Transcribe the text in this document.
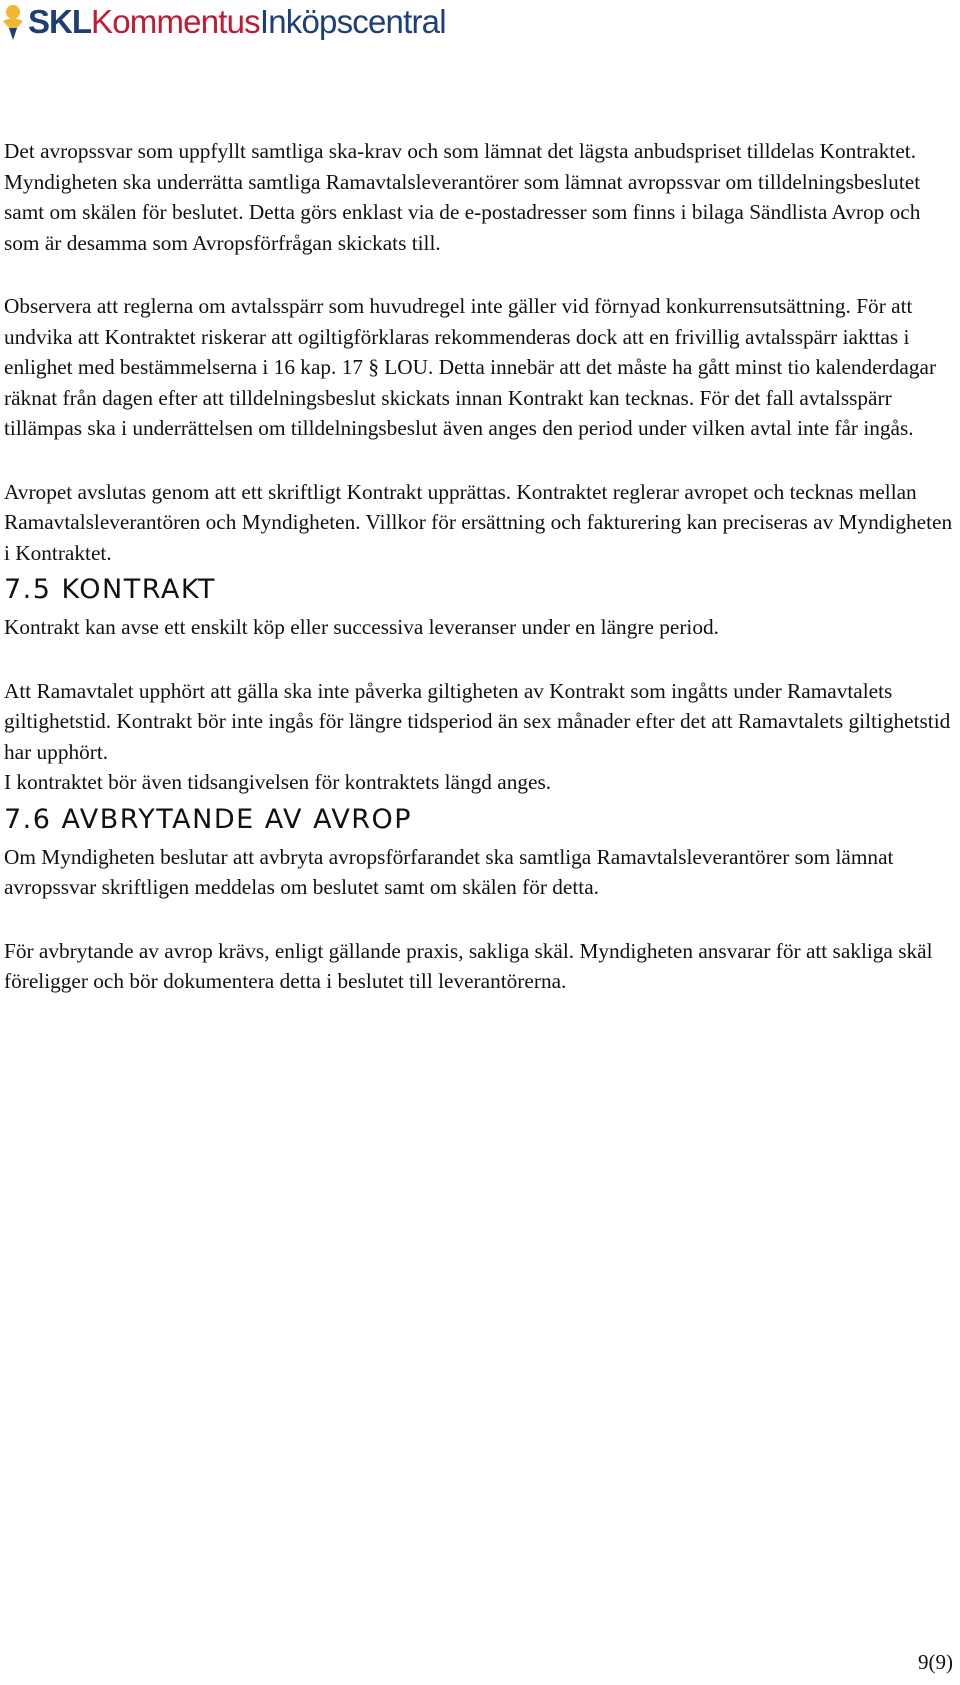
SKLKommentusInköpscentral

Det avropssvar som uppfyllt samtliga ska-krav och som lämnat det lägsta anbudspriset tilldelas Kontraktet. Myndigheten ska underrätta samtliga Ramavtalsleverantörer som lämnat avropssvar om tilldelningsbeslutet samt om skälen för beslutet. Detta görs enklast via de e-postadresser som finns i bilaga Sändlista Avrop och som är desamma som Avropsförfrågan skickats till.

Observera att reglerna om avtalsspärr som huvudregel inte gäller vid förnyad konkurrensutsättning. För att undvika att Kontraktet riskerar att ogiltigförklaras rekommenderas dock att en frivillig avtalsspärr iakttas i enlighet med bestämmelserna i 16 kap. 17 § LOU. Detta innebär att det måste ha gått minst tio kalenderdagar räknat från dagen efter att tilldelningsbeslut skickats innan Kontrakt kan tecknas. För det fall avtalsspärr tillämpas ska i underrättelsen om tilldelningsbeslut även anges den period under vilken avtal inte får ingås.

Avropet avslutas genom att ett skriftligt Kontrakt upprättas. Kontraktet reglerar avropet och tecknas mellan Ramavtalsleverantören och Myndigheten. Villkor för ersättning och fakturering kan preciseras av Myndigheten i Kontraktet.

7.5 KONTRAKT

Kontrakt kan avse ett enskilt köp eller successiva leveranser under en längre period.

Att Ramavtalet upphört att gälla ska inte påverka giltigheten av Kontrakt som ingåtts under Ramavtalets giltighetstid. Kontrakt bör inte ingås för längre tidsperiod än sex månader efter det att Ramavtalets giltighetstid har upphört.

I kontraktet bör även tidsangivelsen för kontraktets längd anges.

7.6 AVBRYTANDE AV AVROP

Om Myndigheten beslutar att avbryta avropsförfarandet ska samtliga Ramavtalsleverantörer som lämnat avropssvar skriftligen meddelas om beslutet samt om skälen för detta.

För avbrytande av avrop krävs, enligt gällande praxis, sakliga skäl. Myndigheten ansvarar för att sakliga skäl föreligger och bör dokumentera detta i beslutet till leverantörerna.

9(9)
